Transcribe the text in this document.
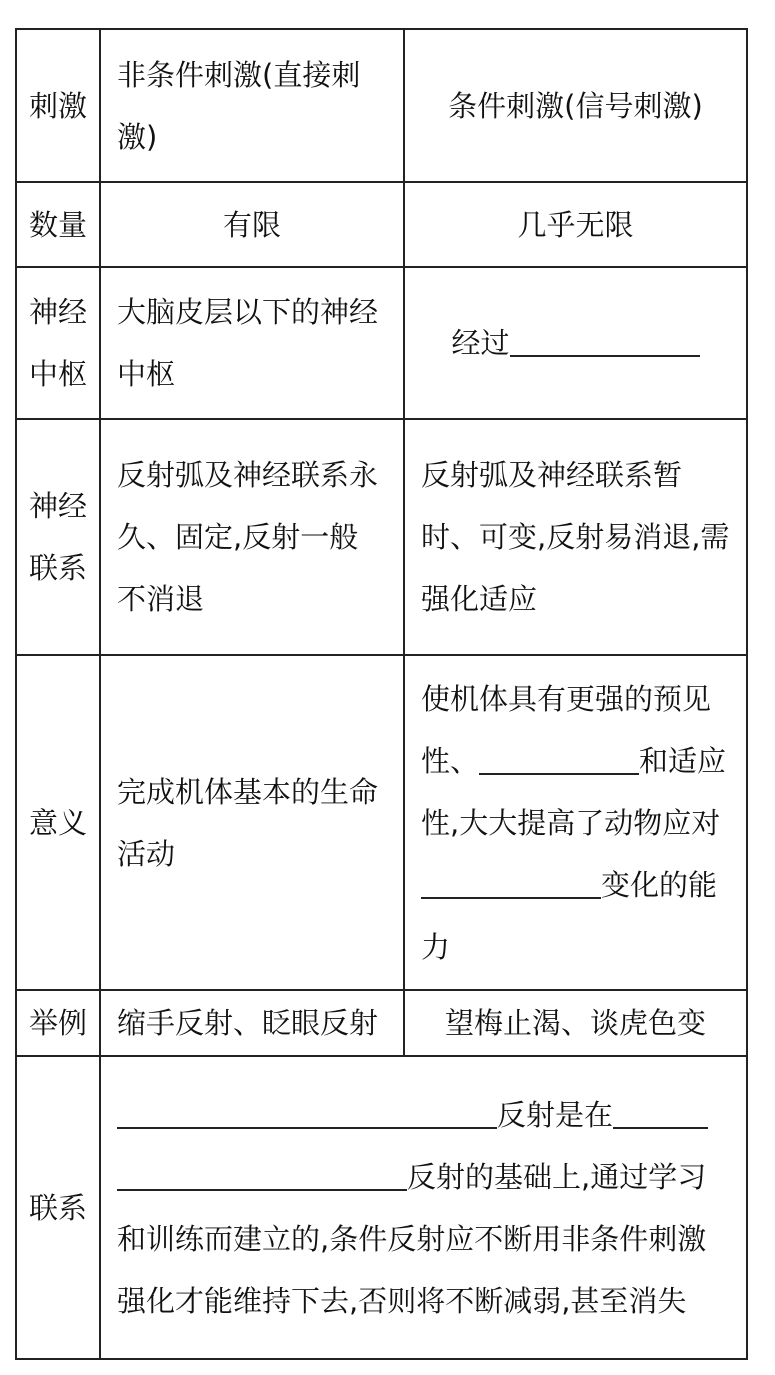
刺激	非条件刺激(直接刺激)	条件刺激(信号刺激)
数量	有限	几乎无限
神经中枢	大脑皮层以下的神经中枢	经过
神经联系	反射弧及神经联系永久、固定,反射一般不消退	反射弧及神经联系暂时、可变,反射易消退,需强化适应
意义	完成机体基本的生命活动	使机体具有更强的预见性、 和适应性,大大提高了动物应对变化的能力
举例	缩手反射、眨眼反射	望梅止渴、谈虎色变
联系	反射是在反射的基础上,通过学习和训练而建立的,条件反射应不断用非条件刺激强化才能维持下去,否则将不断减弱,甚至消失	
